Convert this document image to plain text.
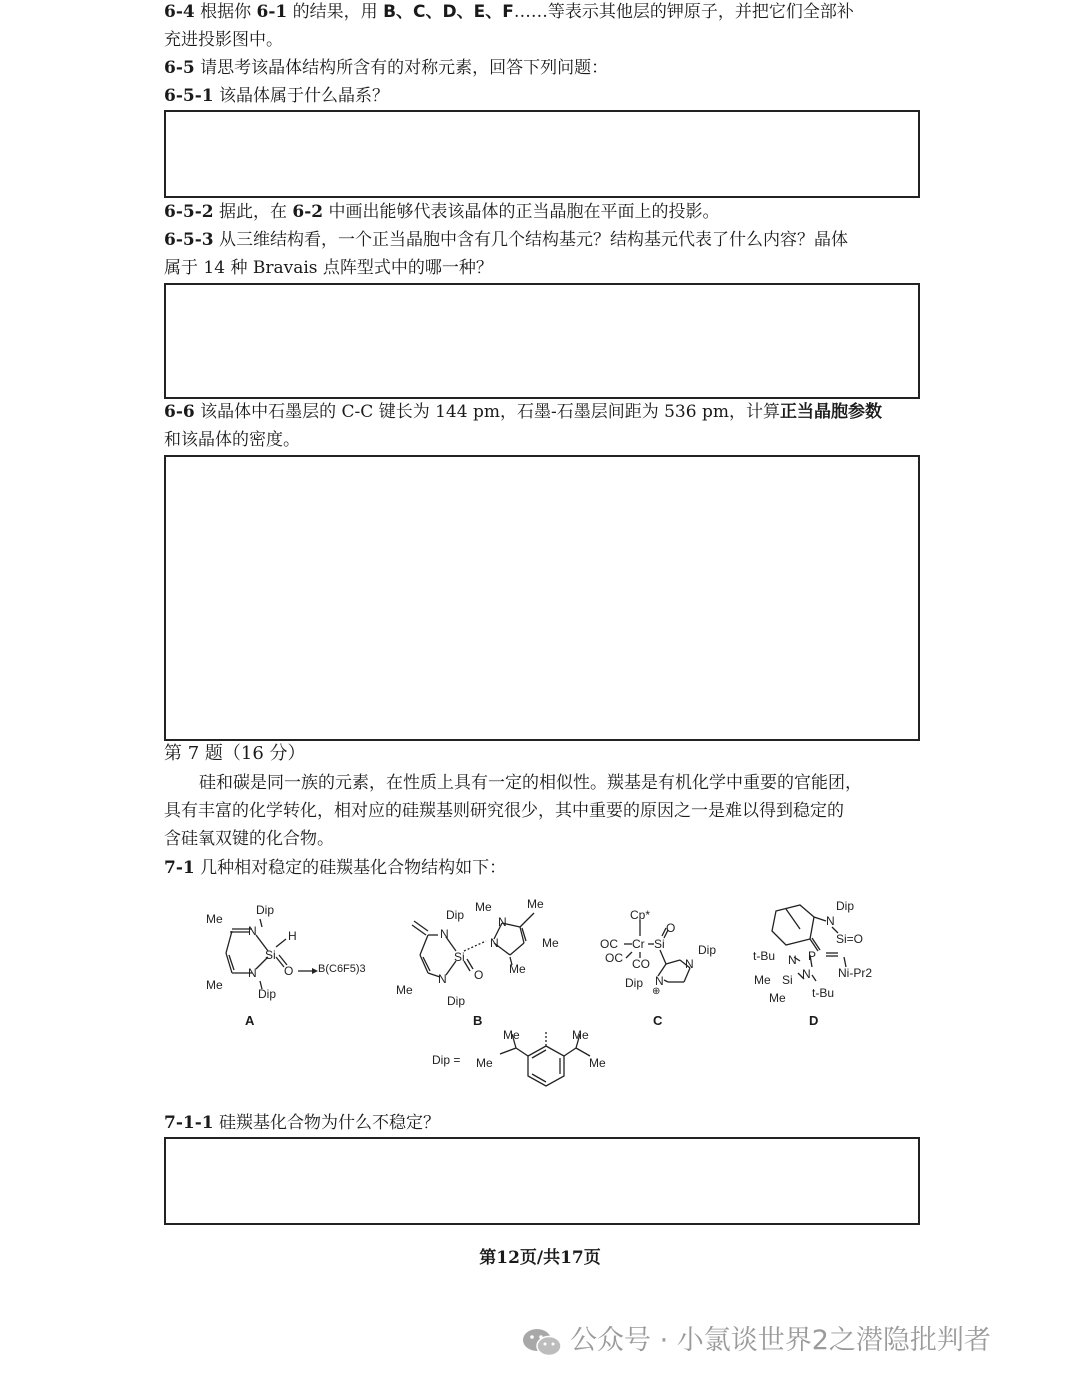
6-4 根据你 6-1 的结果，用 B、C、D、E、F……等表示其他层的钾原子，并把它们全部补
充进投影图中。
6-5 请思考该晶体结构所含有的对称元素，回答下列问题：
6-5-1 该晶体属于什么晶系？
6-5-2 据此，在 6-2 中画出能够代表该晶体的正当晶胞在平面上的投影。
6-5-3 从三维结构看，一个正当晶胞中含有几个结构基元？结构基元代表了什么内容？晶体
属于 14 种 Bravais 点阵型式中的哪一种？
6-6 该晶体中石墨层的 C-C 键长为 144 pm，石墨-石墨层间距为 536 pm，计算正当晶胞参数
和该晶体的密度。
第 7 题（16 分）
硅和碳是同一族的元素，在性质上具有一定的相似性。羰基是有机化学中重要的官能团，
具有丰富的化学转化，相对应的硅羰基则研究很少，其中重要的原因之一是难以得到稳定的
含硅氧双键的化合物。
7-1 几种相对稳定的硅羰基化合物结构如下：
Me
Dip
N	H
Si
O B(C6F5)3
N
Me
Dip
A
Dip
Me	Me
N
N
Si
O
Me
N
Me
N
Me
Dip
B
Cp*
O
OC Cr Si	Dip
OC CO
Dip N
N
⊕
C
Dip
N
Si=O
t-Bu N P
Ni-Pr2
Me Si N
Me t-Bu
D
Dip =
Me
Me
Me
Me
7-1-1 硅羰基化合物为什么不稳定？
第12页/共17页
公众号 · 小氯谈世界2之潜隐批判者
